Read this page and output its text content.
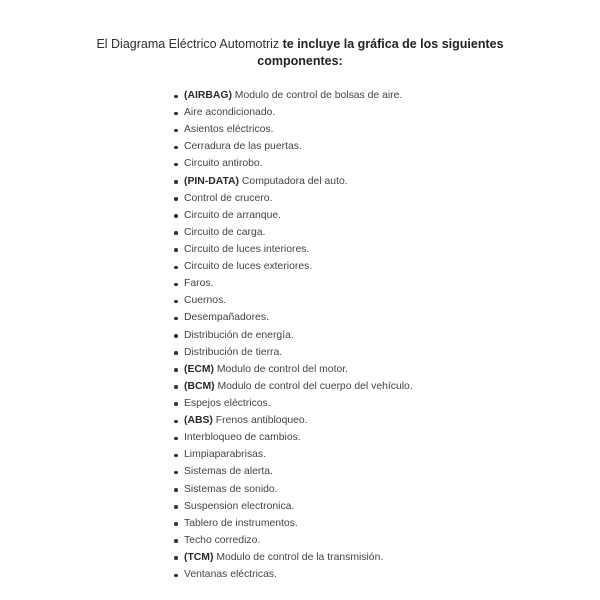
El Diagrama Eléctrico Automotriz te incluye la gráfica de los siguientes componentes:

(AIRBAG) Modulo de control de bolsas de aire.
Aire acondicionado.
Asientos eléctricos.
Cerradura de las puertas.
Circuito antirobo.
(PIN-DATA) Computadora del auto.
Control de crucero.
Circuito de arranque.
Circuito de carga.
Circuito de luces interiores.
Circuito de luces exteriores.
Faros.
Cuernos.
Desempañadores.
Distribución de energía.
Distribución de tierra.
(ECM) Modulo de control del motor.
(BCM) Modulo de control del cuerpo del vehículo.
Espejos eléctricos.
(ABS) Frenos antibloqueo.
Interbloqueo de cambios.
Limpiaparabrisas.
Sistemas de alerta.
Sistemas de sonido.
Suspension electronica.
Tablero de instrumentos.
Techo corredizo.
(TCM) Modulo de control de la transmisión.
Ventanas eléctricas.
